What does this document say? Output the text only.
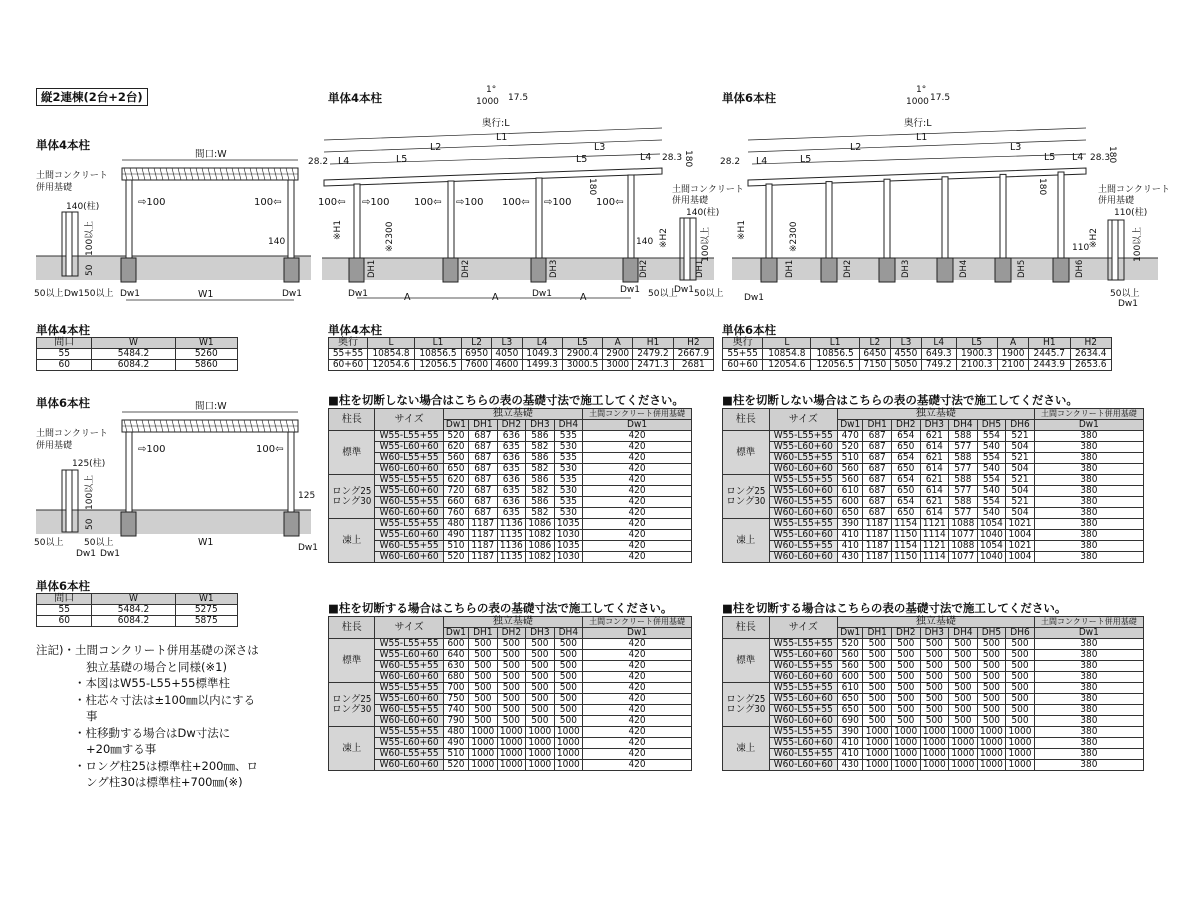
縦2連棟(2台+2台)	単体4本柱	単体6本柱
単体4本柱
間口:W
W1
土間コンクリート
併用基礎
140(柱)
140
100以上
50
⇨100	100⇦
50以上 50以上
Dw1	Dw1	Dw1
単体4本柱
間口	W	W1
55	5484.2	5260
60	6084.2	5860
単体6本柱	間口:W
W1
土間コンクリート
併用基礎
125(柱)
125
100以上
50
⇨100	100⇦
50以上 50以上
Dw1 Dw1
Dw1
単体6本柱
間口	W	W1
55	5484.2	5275
60	6084.2	5875
注記)・土間コンクリート併用基礎の深さは
独立基礎の場合と同様(※1)
・本図はW55-L55+55標準柱
・柱芯々寸法は±100㎜以内にする
事
・柱移動する場合はDw寸法に
+20㎜する事
・ロング柱25は標準柱+200㎜、ロ
ング柱30は標準柱+700㎜(※)
1°
1000 17.5
奥行:L
L1
L2	L3
L4	L5	L5	L4
28.2	28.3 180
180
※H1	※2300	※H2
140
土間コンクリート
併用基礎
140(柱)
100以上
A	A	A	50以上 50以上
Dw1	Dw1	Dw1	Dw1
100⇦ ⇨100 100⇦ ⇨100 100⇦ ⇨100 100⇦
DH1	DH2	DH3	DH2	DH1
1°
1000 17.5
奥行:L
L1
L2	L3
L4	L5	L5 L4
28.2	28.3
180
180
※H1	※2300	※H2
110
土間コンクリート
併用基礎
110(柱)
100以上
50以上
Dw1
Dw1
DH1	DH2	DH3	DH4	DH5	DH6
単体4本柱
奥行	L	L1	L2	L3	L4	L5	A	H1	H2
55+55	10854.8	10856.5	6950	4050	1049.3	2900.4	2900	2479.2	2667.9
60+60	12054.6	12056.5	7600	4600	1499.3	3000.5	3000	2471.3	2681
単体6本柱
奥行	L	L1	L2	L3	L4	L5	A	H1	H2
55+55	10854.8	10856.5	6450	4550	649.3	1900.3	1900	2445.7	2634.4
60+60	12054.6	12056.5	7150	5050	749.2	2100.3	2100	2443.9	2653.6
■柱を切断しない場合はこちらの表の基礎寸法で施工してください。
柱長	サイズ	独立基礎					土間コンクリート併用基礎
		Dw1	DH1	DH2	DH3	DH4	Dw1
標準	W55-L55+55	520	687	636	586	535	420
	W55-L60+60	620	687	635	582	530	420
	W60-L55+55	560	687	636	586	535	420
	W60-L60+60	650	687	635	582	530	420
ロング25
ロング30	W55-L55+55	620	687	636	586	535	420
	W55-L60+60	720	687	635	582	530	420
	W60-L55+55	660	687	636	586	535	420
	W60-L60+60	760	687	635	582	530	420
凍上	W55-L55+55	480	1187	1136	1086	1035	420
	W55-L60+60	490	1187	1135	1082	1030	420
	W60-L55+55	510	1187	1136	1086	1035	420
	W60-L60+60	520	1187	1135	1082	1030	420
■柱を切断しない場合はこちらの表の基礎寸法で施工してください。
柱長	サイズ	独立基礎							土間コンクリート併用基礎
		Dw1	DH1	DH2	DH3	DH4	DH5	DH6	Dw1
標準	W55-L55+55	470	687	654	621	588	554	521	380
	W55-L60+60	520	687	650	614	577	540	504	380
	W60-L55+55	510	687	654	621	588	554	521	380
	W60-L60+60	560	687	650	614	577	540	504	380
ロング25
ロング30	W55-L55+55	560	687	654	621	588	554	521	380
	W55-L60+60	610	687	650	614	577	540	504	380
	W60-L55+55	600	687	654	621	588	554	521	380
	W60-L60+60	650	687	650	614	577	540	504	380
凍上	W55-L55+55	390	1187	1154	1121	1088	1054	1021	380
	W55-L60+60	410	1187	1150	1114	1077	1040	1004	380
	W60-L55+55	410	1187	1154	1121	1088	1054	1021	380
	W60-L60+60	430	1187	1150	1114	1077	1040	1004	380
■柱を切断する場合はこちらの表の基礎寸法で施工してください。
柱長	サイズ	独立基礎					土間コンクリート併用基礎
		Dw1	DH1	DH2	DH3	DH4	Dw1
標準	W55-L55+55	600	500	500	500	500	420
	W55-L60+60	640	500	500	500	500	420
	W60-L55+55	630	500	500	500	500	420
	W60-L60+60	680	500	500	500	500	420
ロング25
ロング30	W55-L55+55	700	500	500	500	500	420
	W55-L60+60	750	500	500	500	500	420
	W60-L55+55	740	500	500	500	500	420
	W60-L60+60	790	500	500	500	500	420
凍上	W55-L55+55	480	1000	1000	1000	1000	420
	W55-L60+60	490	1000	1000	1000	1000	420
	W60-L55+55	510	1000	1000	1000	1000	420
	W60-L60+60	520	1000	1000	1000	1000	420
■柱を切断する場合はこちらの表の基礎寸法で施工してください。
柱長	サイズ	独立基礎							土間コンクリート併用基礎
		Dw1	DH1	DH2	DH3	DH4	DH5	DH6	Dw1
標準	W55-L55+55	520	500	500	500	500	500	500	380
	W55-L60+60	560	500	500	500	500	500	500	380
	W60-L55+55	560	500	500	500	500	500	500	380
	W60-L60+60	600	500	500	500	500	500	500	380
ロング25
ロング30	W55-L55+55	610	500	500	500	500	500	500	380
	W55-L60+60	650	500	500	500	500	500	500	380
	W60-L55+55	650	500	500	500	500	500	500	380
	W60-L60+60	690	500	500	500	500	500	500	380
凍上	W55-L55+55	390	1000	1000	1000	1000	1000	1000	380
	W55-L60+60	410	1000	1000	1000	1000	1000	1000	380
	W60-L55+55	410	1000	1000	1000	1000	1000	1000	380
	W60-L60+60	430	1000	1000	1000	1000	1000	1000	380
